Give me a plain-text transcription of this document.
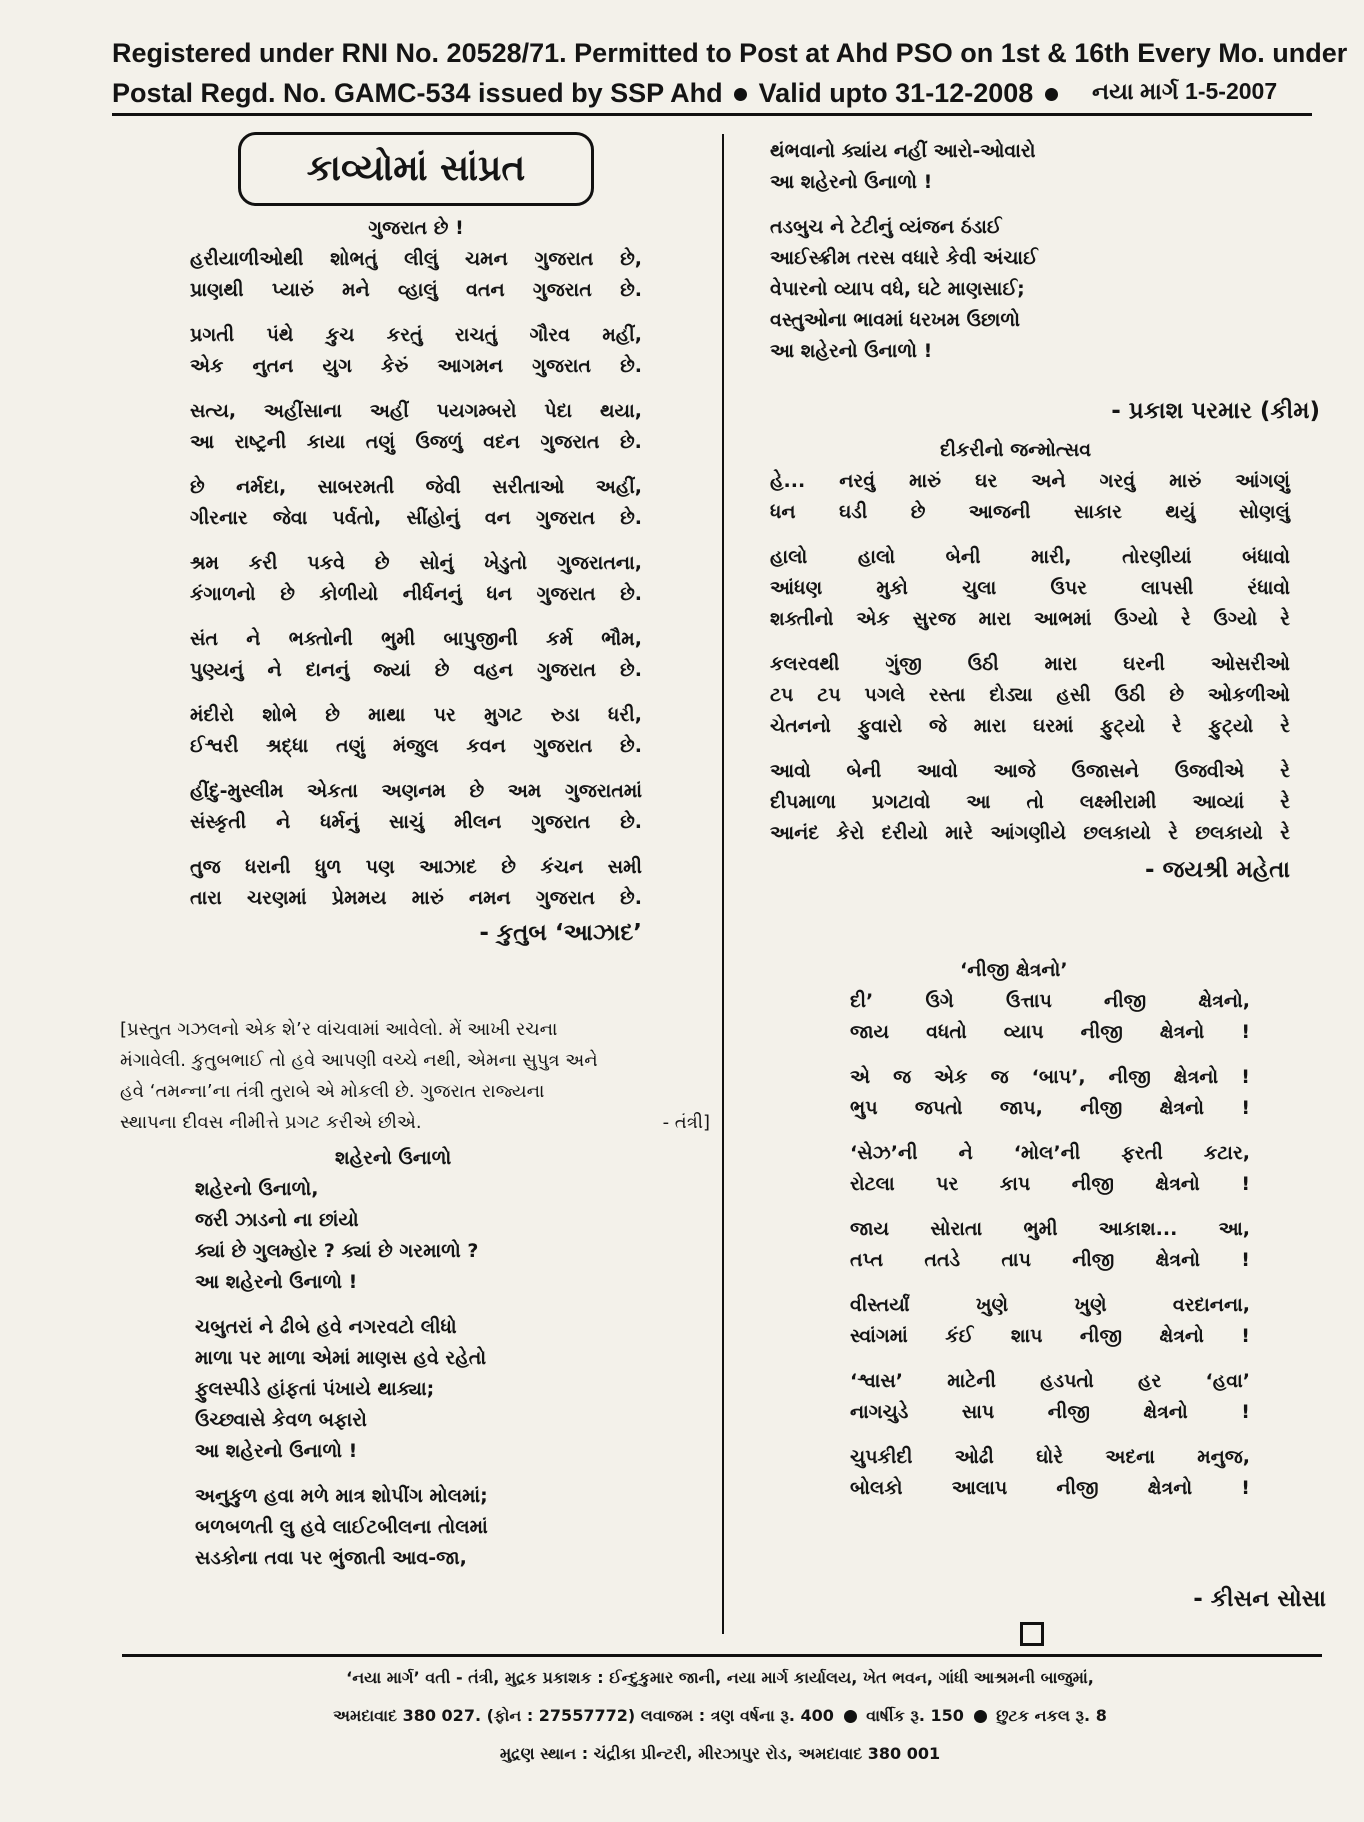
Registered under RNI No. 20528/71. Permitted to Post at Ahd PSO on 1st & 16th Every Mo. under
Postal Regd. No. GAMC-534 issued by SSP Ahd Valid upto 31-12-2008	નયા માર્ગ 1-5-2007
કાવ્યોમાં સાંપ્રત
ગુજરાત છે !
હરીયાળીઓથી શોભતું લીલું ચમન ગુજરાત છે,
પ્રાણથી પ્યારું મને વ્હાલું વતન ગુજરાત છે.
પ્રગતી પંથે કુચ કરતું રાચતું ગૌરવ મહીં,
એક નુતન યુગ કેરું આગમન ગુજરાત છે.
સત્ય, અહીંસાના અહીં પયગમ્બરો પેદા થયા,
આ રાષ્ટ્રની કાયા તણું ઉજળું વદન ગુજરાત છે.
છે નર્મદા, સાબરમતી જેવી સરીતાઓ અહીં,
ગીરનાર જેવા પર્વતો, સીંહોનું વન ગુજરાત છે.
શ્રમ કરી પકવે છે સોનું ખેડુતો ગુજરાતના,
કંગાળનો છે કોળીયો નીર્ધનનું ધન ગુજરાત છે.
સંત ને ભક્તોની ભુમી બાપુજીની કર્મ ભૌમ,
પુણ્યનું ને દાનનું જ્યાં છે વહન ગુજરાત છે.
મંદીરો શોભે છે માથા પર મુગટ રુડા ધરી,
ઈશ્વરી શ્રદ્ધા તણું મંજુલ કવન ગુજરાત છે.
હીંદુ-મુસ્લીમ એકતા અણનમ છે અમ ગુજરાતમાં
સંસ્કૃતી ને ધર્મનું સાચું મીલન ગુજરાત છે.
તુજ ધરાની ધુળ પણ આઝાદ છે કંચન સમી
તારા ચરણમાં પ્રેમમય મારું નમન ગુજરાત છે.
- કુતુબ ‘આઝાદ’
[પ્રસ્તુત ગઝલનો એક શે’ર વાંચવામાં આવેલો. મેં આખી રચના
મંગાવેલી. કુતુબભાઈ તો હવે આપણી વચ્ચે નથી, એમના સુપુત્ર અને
હવે ‘તમન્ના’ના તંત્રી તુરાબે એ મોકલી છે. ગુજરાત રાજ્યના
સ્થાપના દીવસ નીમીત્તે પ્રગટ કરીએ છીએ.	- તંત્રી]
શહેરનો ઉનાળો
શહેરનો ઉનાળો,
જરી ઝાડનો ના છાંયો
ક્યાં છે ગુલમ્હોર ? ક્યાં છે ગરમાળો ?
આ શહેરનો ઉનાળો !
ચબુતરાં ને ઢીબે હવે નગરવટો લીધો
માળા પર માળા એમાં માણસ હવે રહેતો
ફુલસ્પીડે હાંફતાં પંખાયે થાક્યા;
ઉચ્છ્વાસે કેવળ બફારો
આ શહેરનો ઉનાળો !
અનુકુળ હવા મળે માત્ર શોપીંગ મોલમાં;
બળબળતી લુ હવે લાઈટબીલના તોલમાં
સડકોના તવા પર ભુંજાતી આવ-જા,
થંભવાનો ક્યાંય નહીં આરો-ઓવારો
આ શહેરનો ઉનાળો !
તડબુચ ને ટેટીનું વ્યંજન ઠંડાઈ
આઈસ્ક્રીમ તરસ વધારે કેવી અંચાઈ
વેપારનો વ્યાપ વધે, ઘટે માણસાઈ;
વસ્તુઓના ભાવમાં ધરખમ ઉછાળો
આ શહેરનો ઉનાળો !
- પ્રકાશ પરમાર (કીમ)
દીકરીનો જન્મોત્સવ
હે... નરવું મારું ઘર અને ગરવું મારું આંગણું
ધન ઘડી છે આજની સાકાર થયું સોણલું
હાલો	હાલો	બેની	મારી,	તોરણીયાં	બંધાવો
આંધણ	મુકો	ચુલા	ઉપર	લાપસી	રંધાવો
શક્તીનો એક સુરજ મારા આભમાં ઉગ્યો રે ઉગ્યો રે
કલરવથી ગુંજી ઉઠી મારા ઘરની ઓસરીઓ
ટપ ટપ પગલે રસ્તા દોડ્યા હસી ઉઠી છે ઓકળીઓ
ચેતનનો ફુવારો જે મારા ઘરમાં ફુટ્યો રે ફુટ્યો રે
આવો બેની આવો આજે ઉજાસને ઉજવીએ રે
દીપમાળા પ્રગટાવો આ તો લક્ષ્મીરામી આવ્યાં રે
આનંદ કેરો દરીયો મારે આંગણીયે છલકાયો રે છલકાયો રે
- જયશ્રી મહેતા
‘નીજી ક્ષેત્રનો’
દી’	ઉગે	ઉત્તાપ	નીજી	ક્ષેત્રનો,
જાય વધતો વ્યાપ નીજી ક્ષેત્રનો !
એ જ એક જ ‘બાપ’, નીજી ક્ષેત્રનો !
ભુપ જપતો જાપ, નીજી ક્ષેત્રનો !
‘સેઝ’ની ને ‘મોલ’ની ફરતી કટાર,
રોટલા પર કાપ નીજી ક્ષેત્રનો !
જાય સોરાતા ભુમી આકાશ... આ,
તપ્ત તતડે તાપ નીજી ક્ષેત્રનો !
વીસ્તર્યાં	ખુણે	ખુણે	વરદાનના,
સ્વાંગમાં કંઈ શાપ નીજી ક્ષેત્રનો !
‘શ્વાસ’ માટેની હડપતો હર ‘હવા’
નાગચુડે	સાપ	નીજી	ક્ષેત્રનો	!
ચુપકીદી ઓઢી ઘોરે અદના મનુજ,
બોલકો	આલાપ	નીજી	ક્ષેત્રનો	!
- કીસન સોસા
‘નયા માર્ગ’ વતી - તંત્રી, મુદ્રક પ્રકાશક : ઈન્દુકુમાર જાની, નયા માર્ગ કાર્યાલય, ખેત ભવન, ગાંધી આશ્રમની બાજુમાં,
અમદાવાદ 380 027. (ફોન : 27557772) લવાજમ : ત્રણ વર્ષના રૂ. 400 વાર્ષીક રૂ. 150 છુટક નકલ રૂ. 8
મુદ્રણ સ્થાન : ચંદ્રીકા પ્રીન્ટરી, મીરઝાપુર રોડ, અમદાવાદ 380 001
